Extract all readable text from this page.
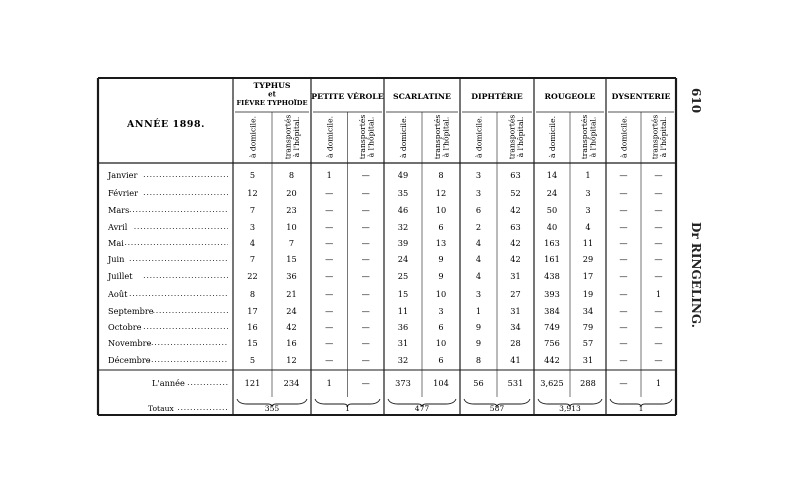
TYPHUS
et
FIÈVRE TYPHOÏDE
à domicile.	transportés à l'hôpital.
PETITE VÉROLE
à domicile.	transportés à l'hôpital.
SCARLATINE
à domicile.	transportés à l'hôpital.
DIPHTÉRIE
à domicile.	transportés à l'hôpital.
ROUGEOLE
à domicile.	transportés à l'hôpital.
DYSENTERIE
à domicile.	transportés à l'hôpital.
ANNÉE 1898.
Janvier	5	8	1	—	49	8	3	63	14	1	—	—
Février	12	20	—	—	35	12	3	52	24	3	—	—
Mars	7	23	—	—	46	10	6	42	50	3	—	—
Avril	3	10	—	—	32	6	2	63	40	4	—	—
Mai	4	7	—	—	39	13	4	42	163	11	—	—
Juin	7	15	—	—	24	9	4	42	161	29	—	—
Juillet	22	36	—	—	25	9	4	31	438	17	—	—
Août	8	21	—	—	15	10	3	27	393	19	—	1
Septembre	17	24	—	—	11	3	1	31	384	34	—	—
Octobre	16	42	—	—	36	6	9	34	749	79	—	—
Novembre	15	16	—	—	31	10	9	28	756	57	—	—
Décembre	5	12	—	—	32	6	8	41	442	31	—	—
L'année	121	234	1	—	373	104	56	531 3,625 288	—	1
Totaux	355	1	477	587	3,913	1
610
Dr RINGELING.
